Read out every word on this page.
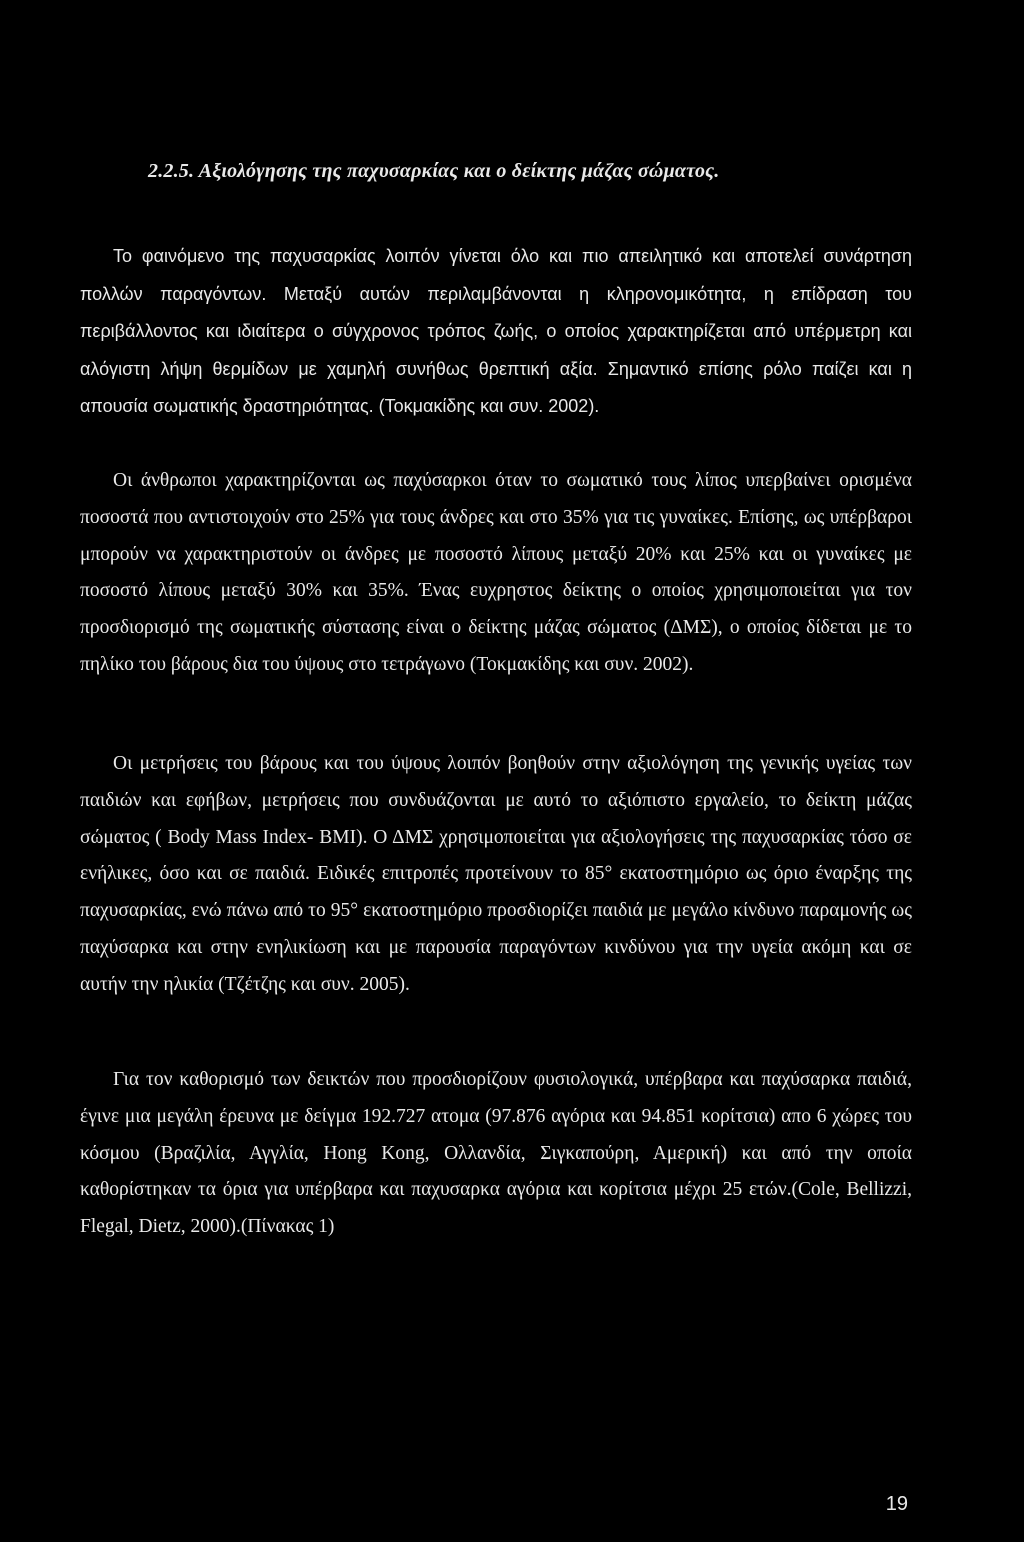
2.2.5. Αξιολόγησης της παχυσαρκίας και ο δείκτης μάζας σώματος.

Το φαινόμενο της παχυσαρκίας λοιπόν γίνεται όλο και πιο απειλητικό και αποτελεί συνάρτηση πολλών παραγόντων. Μεταξύ αυτών περιλαμβάνονται η κληρονομικότητα, η επίδραση του περιβάλλοντος και ιδιαίτερα ο σύγχρονος τρόπος ζωής, ο οποίος χαρακτηρίζεται από υπέρμετρη και αλόγιστη λήψη θερμίδων με χαμηλή συνήθως θρεπτική αξία. Σημαντικό επίσης ρόλο παίζει και η απουσία σωματικής δραστηριότητας. (Τοκμακίδης και συν. 2002).

Οι άνθρωποι χαρακτηρίζονται ως παχύσαρκοι όταν το σωματικό τους λίπος υπερβαίνει ορισμένα ποσοστά που αντιστοιχούν στο 25% για τους άνδρες και στο 35% για τις γυναίκες. Επίσης, ως υπέρβαροι μπορούν να χαρακτηριστούν οι άνδρες με ποσοστό λίπους μεταξύ 20% και 25% και οι γυναίκες με ποσοστό λίπους μεταξύ 30% και 35%. Ένας ευχρηστος δείκτης ο οποίος χρησιμοποιείται για τον προσδιορισμό της σωματικής σύστασης είναι ο δείκτης μάζας σώματος (ΔΜΣ), ο οποίος δίδεται με το πηλίκο του βάρους δια του ύψους στο τετράγωνο (Τοκμακίδης και συν. 2002).

Οι μετρήσεις του βάρους και του ύψους λοιπόν βοηθούν στην αξιολόγηση της γενικής υγείας των παιδιών και εφήβων, μετρήσεις που συνδυάζονται με αυτό το αξιόπιστο εργαλείο, το δείκτη μάζας σώματος ( Body Mass Index- BMI). Ο ΔΜΣ χρησιμοποιείται για αξιολογήσεις της παχυσαρκίας τόσο σε ενήλικες, όσο και σε παιδιά. Ειδικές επιτροπές προτείνουν το 85° εκατοστημόριο ως όριο έναρξης της παχυσαρκίας, ενώ πάνω από το 95° εκατοστημόριο προσδιορίζει παιδιά με μεγάλο κίνδυνο παραμονής ως παχύσαρκα και στην ενηλικίωση και με παρουσία παραγόντων κινδύνου για την υγεία ακόμη και σε αυτήν την ηλικία (Τζέτζης και συν. 2005).

Για τον καθορισμό των δεικτών που προσδιορίζουν φυσιολογικά, υπέρβαρα και παχύσαρκα παιδιά, έγινε μια μεγάλη έρευνα με δείγμα 192.727 ατομα (97.876 αγόρια και 94.851 κορίτσια) απο 6 χώρες του κόσμου (Βραζιλία, Αγγλία, Hong Kong, Ολλανδία, Σιγκαπούρη, Αμερική) και από την οποία καθορίστηκαν τα όρια για υπέρβαρα και παχυσαρκα αγόρια και κορίτσια μέχρι 25 ετών.(Cole, Bellizzi, Flegal, Dietz, 2000).(Πίνακας 1)

19
